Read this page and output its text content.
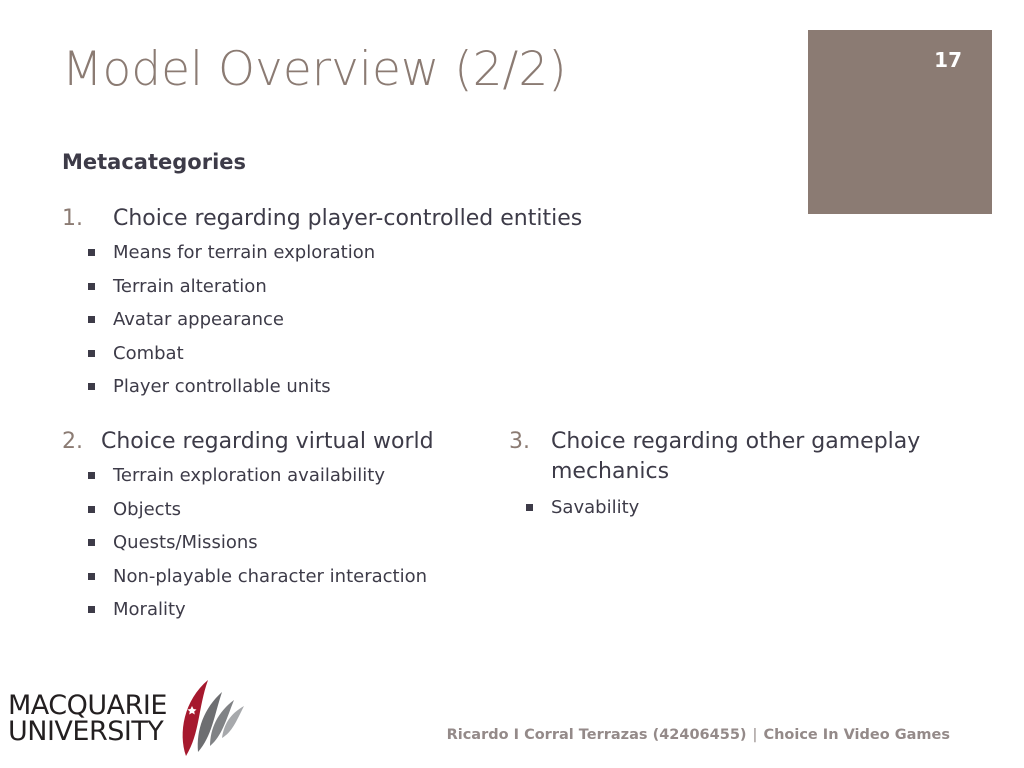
Model Overview (2/2)	17
Metacategories
1. Choice regarding player-controlled entities
Means for terrain exploration
Terrain alteration
Avatar appearance
Combat
Player controllable units
2. Choice regarding virtual world
Terrain exploration availability
Objects
Quests/Missions
Non-playable character interaction
Morality
3. Choice regarding other gameplay mechanics
Savability
MACQUARIE
UNIVERSITY	Ricardo I Corral Terrazas (42406455) | Choice In Video Games
